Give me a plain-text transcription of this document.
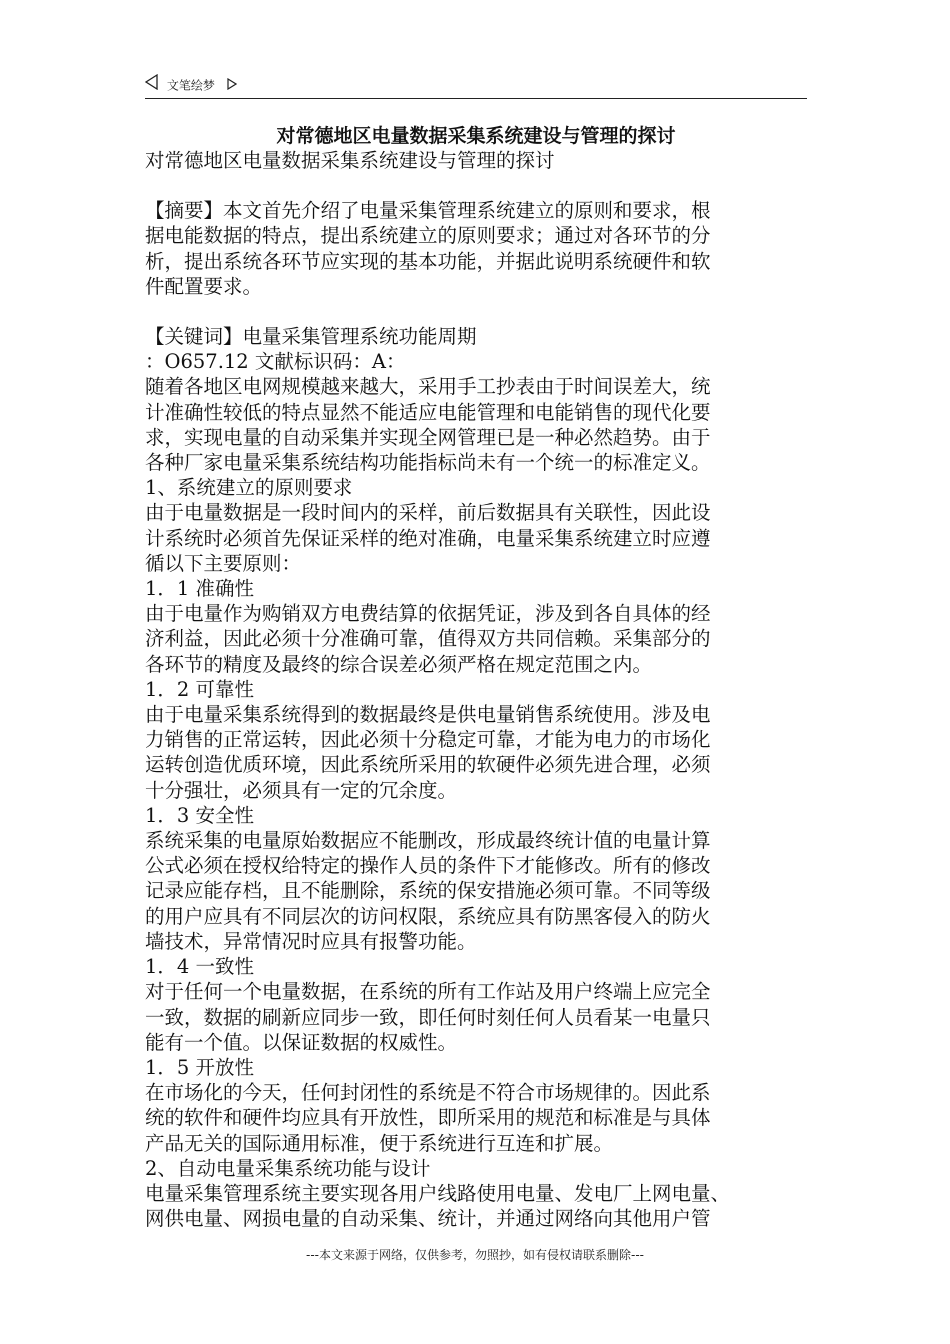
文笔绘梦
对常德地区电量数据采集系统建设与管理的探讨

对常德地区电量数据采集系统建设与管理的探讨

【摘要】本文首先介绍了电量采集管理系统建立的原则和要求，根

据电能数据的特点，提出系统建立的原则要求；通过对各环节的分

析，提出系统各环节应实现的基本功能，并据此说明系统硬件和软

件配置要求。

【关键词】电量采集管理系统功能周期

：O657.12 文献标识码：A：

随着各地区电网规模越来越大，采用手工抄表由于时间误差大，统

计准确性较低的特点显然不能适应电能管理和电能销售的现代化要

求，实现电量的自动采集并实现全网管理已是一种必然趋势。由于

各种厂家电量采集系统结构功能指标尚未有一个统一的标准定义。

1、系统建立的原则要求

由于电量数据是一段时间内的采样，前后数据具有关联性，因此设

计系统时必须首先保证采样的绝对准确，电量采集系统建立时应遵

循以下主要原则：

1．1 准确性

由于电量作为购销双方电费结算的依据凭证，涉及到各自具体的经

济利益，因此必须十分准确可靠，值得双方共同信赖。采集部分的

各环节的精度及最终的综合误差必须严格在规定范围之内。

1．2 可靠性

由于电量采集系统得到的数据最终是供电量销售系统使用。涉及电

力销售的正常运转，因此必须十分稳定可靠，才能为电力的市场化

运转创造优质环境，因此系统所采用的软硬件必须先进合理，必须

十分强壮，必须具有一定的冗余度。

1．3 安全性

系统采集的电量原始数据应不能删改，形成最终统计值的电量计算

公式必须在授权给特定的操作人员的条件下才能修改。所有的修改

记录应能存档，且不能删除，系统的保安措施必须可靠。不同等级

的用户应具有不同层次的访问权限，系统应具有防黑客侵入的防火

墙技术，异常情况时应具有报警功能。

1．4 一致性

对于任何一个电量数据，在系统的所有工作站及用户终端上应完全

一致，数据的刷新应同步一致，即任何时刻任何人员看某一电量只

能有一个值。以保证数据的权威性。

1．5 开放性

在市场化的今天，任何封闭性的系统是不符合市场规律的。因此系

统的软件和硬件均应具有开放性，即所采用的规范和标准是与具体

产品无关的国际通用标准，便于系统进行互连和扩展。

2、自动电量采集系统功能与设计

电量采集管理系统主要实现各用户线路使用电量、发电厂上网电量、

网供电量、网损电量的自动采集、统计，并通过网络向其他用户管

---本文来源于网络，仅供参考，勿照抄，如有侵权请联系删除---
